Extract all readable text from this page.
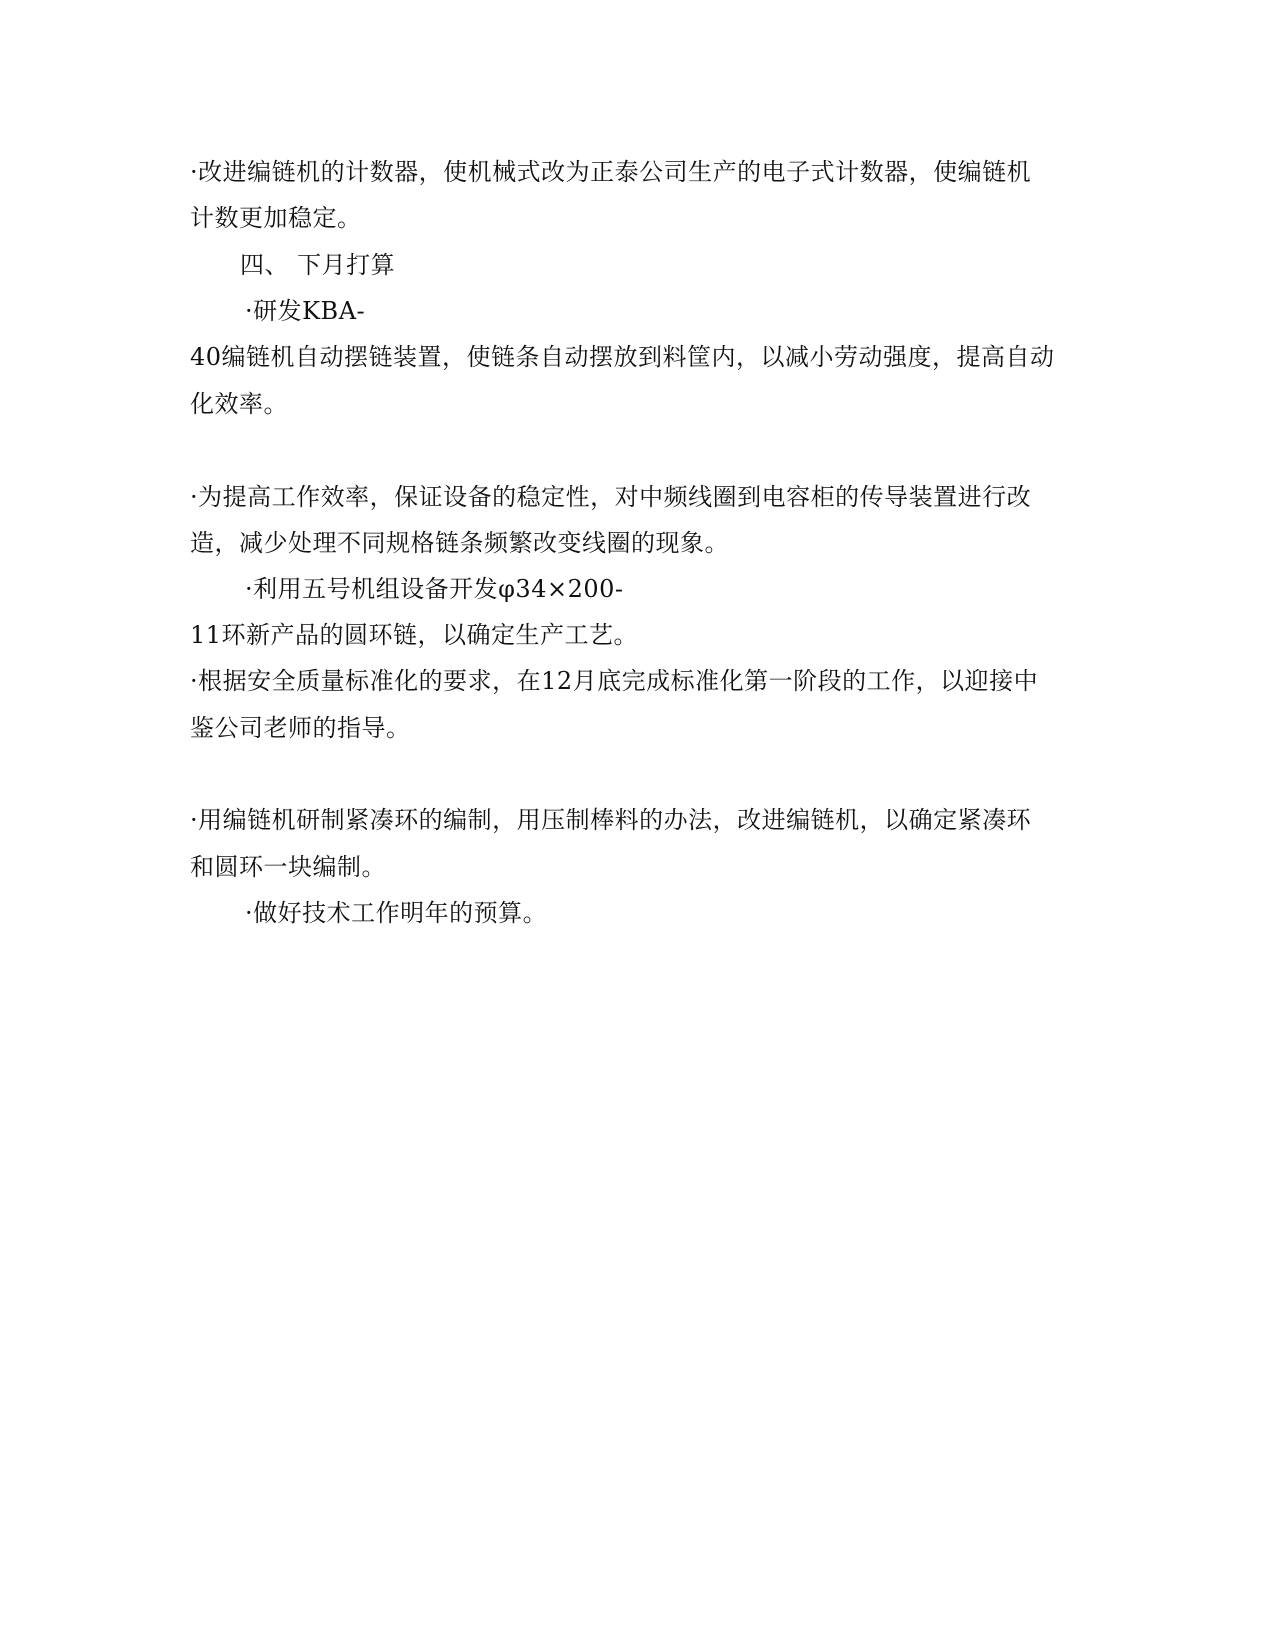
·改进编链机的计数器，使机械式改为正泰公司生产的电子式计数器，使编链机
计数更加稳定。
四、 下月打算
·研发KBA-
40编链机自动摆链装置，使链条自动摆放到料筐内，以减小劳动强度，提高自动
化效率。
·为提高工作效率，保证设备的稳定性，对中频线圈到电容柜的传导装置进行改
造，减少处理不同规格链条频繁改变线圈的现象。
·利用五号机组设备开发φ34×200-
11环新产品的圆环链，以确定生产工艺。
·根据安全质量标准化的要求，在12月底完成标准化第一阶段的工作，以迎接中
鉴公司老师的指导。
·用编链机研制紧凑环的编制，用压制棒料的办法，改进编链机，以确定紧凑环
和圆环一块编制。
·做好技术工作明年的预算。
